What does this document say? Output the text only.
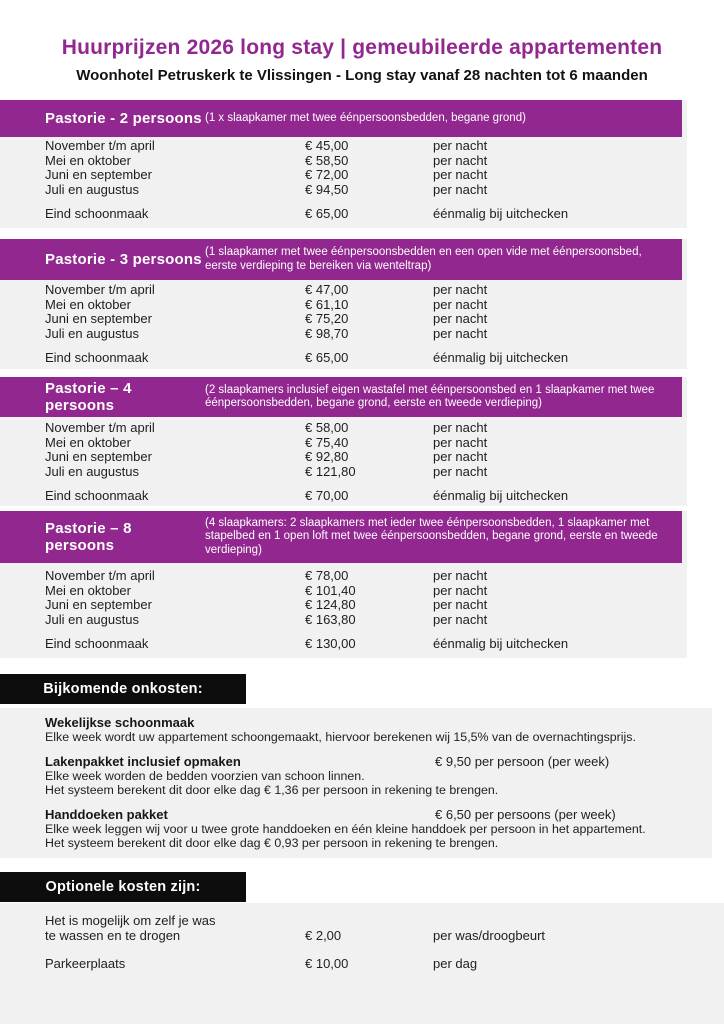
Huurprijzen 2026 long stay | gemeubileerde appartementen
Woonhotel Petruskerk te Vlissingen - Long stay vanaf 28 nachten tot 6 maanden
Pastorie - 2 persoons (1 x slaapkamer met twee éénpersoonsbedden, begane grond)
November t/m april	€ 45,00	per nacht
Mei en oktober	€ 58,50	per nacht
Juni en september	€ 72,00	per nacht
Juli en augustus	€ 94,50	per nacht
Eind schoonmaak	€ 65,00	éénmalig bij uitchecken
Pastorie - 3 persoons (1 slaapkamer met twee éénpersoonsbedden en een open vide met éénpersoonsbed, eerste verdieping te bereiken via wenteltrap)
November t/m april	€ 47,00	per nacht
Mei en oktober	€ 61,10	per nacht
Juni en september	€ 75,20	per nacht
Juli en augustus	€ 98,70	per nacht
Eind schoonmaak	€ 65,00	éénmalig bij uitchecken
Pastorie – 4 persoons
(2 slaapkamers inclusief eigen wastafel met éénpersoonsbed en 1 slaapkamer met twee éénpersoonsbedden, begane grond, eerste en tweede verdieping)
November t/m april	€ 58,00	per nacht
Mei en oktober	€ 75,40	per nacht
Juni en september	€ 92,80	per nacht
Juli en augustus	€ 121,80	per nacht
Eind schoonmaak	€ 70,00	éénmalig bij uitchecken
Pastorie – 8 persoons
(4 slaapkamers: 2 slaapkamers met ieder twee éénpersoonsbedden, 1 slaapkamer met stapelbed en 1 open loft met twee éénpersoonsbedden, begane grond, eerste en tweede verdieping)
November t/m april	€ 78,00	per nacht
Mei en oktober	€ 101,40	per nacht
Juni en september	€ 124,80	per nacht
Juli en augustus	€ 163,80	per nacht
Eind schoonmaak	€ 130,00	éénmalig bij uitchecken
Bijkomende onkosten:
Wekelijkse schoonmaak
Elke week wordt uw appartement schoongemaakt, hiervoor berekenen wij 15,5% van de overnachtingsprijs.
Lakenpakket inclusief opmaken	€ 9,50 per persoon (per week)
Elke week worden de bedden voorzien van schoon linnen.
Het systeem berekent dit door elke dag € 1,36 per persoon in rekening te brengen.
Handdoeken pakket	€ 6,50 per persoons (per week)
Elke week leggen wij voor u twee grote handdoeken en één kleine handdoek per persoon in het appartement.
Het systeem berekent dit door elke dag € 0,93 per persoon in rekening te brengen.
Optionele kosten zijn:
Het is mogelijk om zelf je was
te wassen en te drogen	€ 2,00	per was/droogbeurt
Parkeerplaats	€ 10,00	per dag
